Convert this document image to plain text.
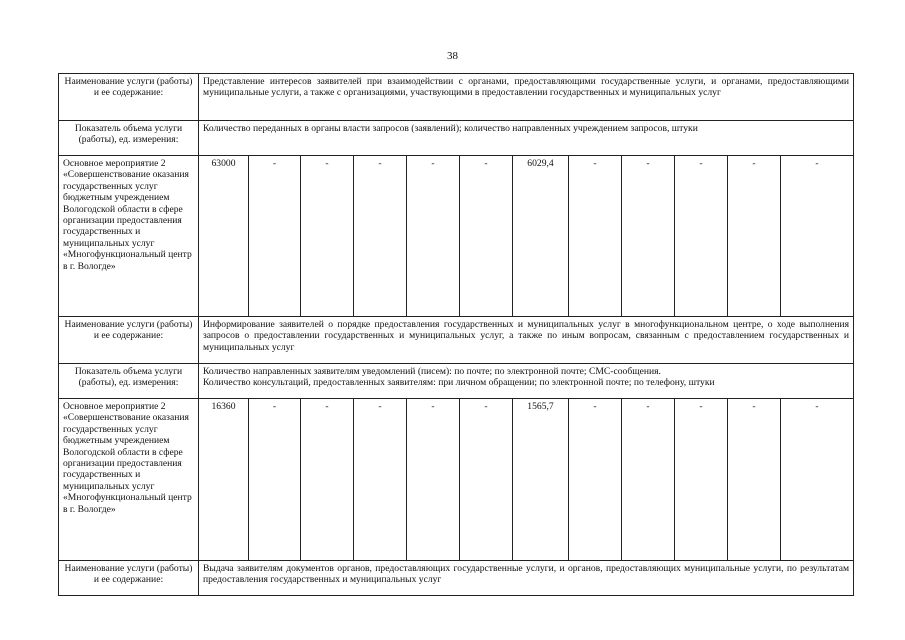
38
Наименование услуги (работы) и ее содержание:	Представление интересов заявителей при взаимодействии с органами, предоставляющими государственные услуги, и органами, предоставляющими муниципальные услуги, а также с организациями, участвующими в предоставлении государственных и муниципальных услуг											
Показатель объема услуги (работы), ед. измерения:	Количество переданных в органы власти запросов (заявлений); количество направленных учреждением запросов, штуки											

Основное мероприятие 2 «Совершенствование оказания государственных услуг бюджетным учреждением Вологодской области в сфере организации предоставления государственных и муниципальных услуг «Многофункциональный центр в г. Вологде»	63000	-	-	-	-	-	6029,4	-	-	-	-	-
Наименование услуги (работы) и ее содержание:	Информирование заявителей о порядке предоставления государственных и муниципальных услуг в многофункциональном центре, о ходе выполнения запросов о предоставлении государственных и муниципальных услуг, а также по иным вопросам, связанным с предоставлением государственных и муниципальных услуг											
Показатель объема услуги (работы), ед. измерения:	Количество направленных заявителям уведомлений (писем): по почте; по электронной почте; СМС-сообщения.
Количество консультаций, предоставленных заявителям: при личном обращении; по электронной почте; по телефону, штуки											

Основное мероприятие 2 «Совершенствование оказания государственных услуг бюджетным учреждением Вологодской области в сфере организации предоставления государственных и муниципальных услуг «Многофункциональный центр в г. Вологде»	16360	-	-	-	-	-	1565,7	-	-	-	-	-
Наименование услуги (работы) и ее содержание:	Выдача заявителям документов органов, предоставляющих государственные услуги, и органов, предоставляющих муниципальные услуги, по результатам предоставления государственных и муниципальных услуг											
